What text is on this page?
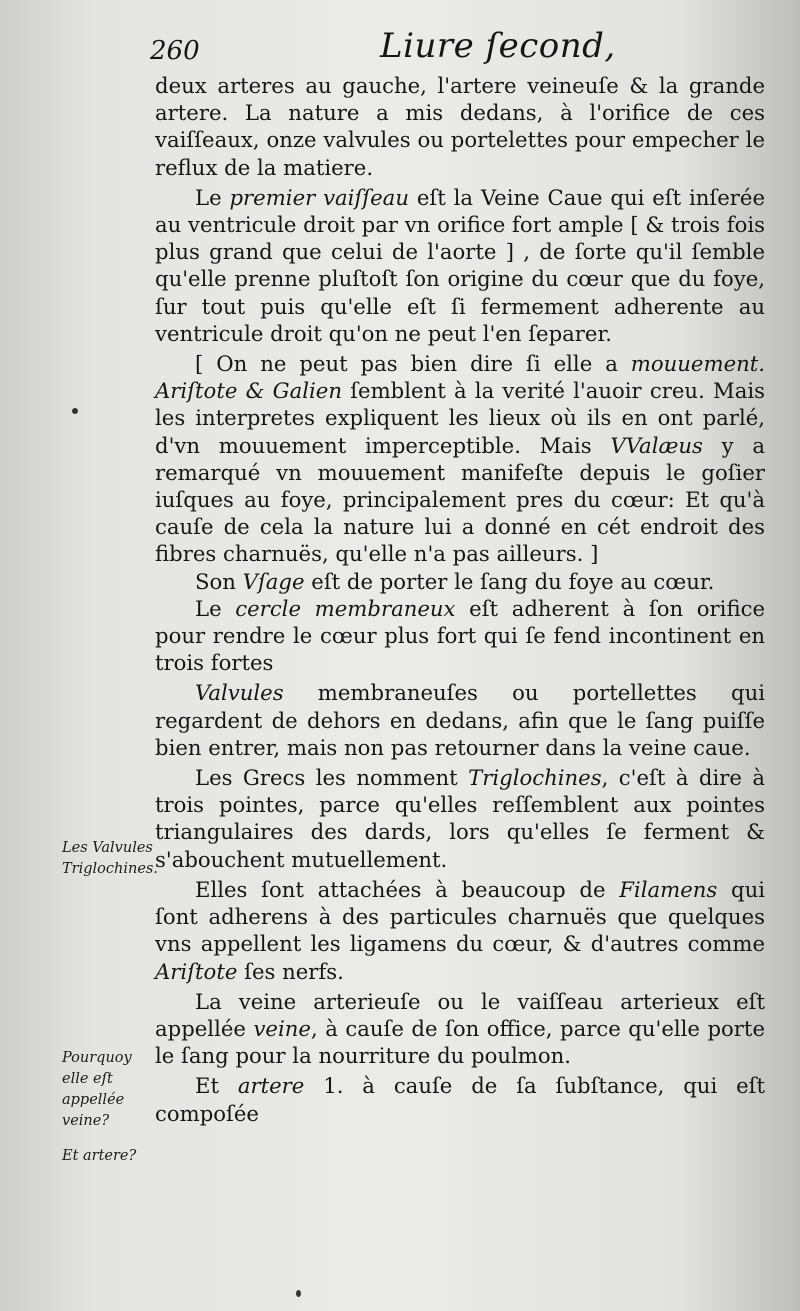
260	Liure ſecond,
Les Valvules Triglochines.
Pourquoy elle eſt appellée veine?
Et artere?

deux arteres au gauche, l'artere veineuſe & la grande artere. La nature a mis dedans, à l'orifice de ces vaiſſeaux, onze valvules ou portelettes pour empecher le reflux de la matiere.

Le premier vaiſſeau eſt la Veine Caue qui eſt inſerée au ventricule droit par vn orifice fort ample [ & trois fois plus grand que celui de l'aorte ] , de ſorte qu'il ſemble qu'elle prenne pluſtoſt ſon origine du cœur que du foye, ſur tout puis qu'elle eſt ſi fermement adherente au ventricule droit qu'on ne peut l'en ſeparer.

[ On ne peut pas bien dire ſi elle a mouuement. Ariſtote & Galien ſemblent à la verité l'auoir creu. Mais les interpretes expliquent les lieux où ils en ont parlé, d'vn mouuement imperceptible. Mais VValæus y a remarqué vn mouuement manifeſte depuis le goſier iuſques au foye, principalement pres du cœur: Et qu'à cauſe de cela la nature lui a donné en cét endroit des fibres charnuës, qu'elle n'a pas ailleurs. ]

Son Vſage eſt de porter le ſang du foye au cœur.

Le cercle membraneux eſt adherent à ſon orifice pour rendre le cœur plus fort qui ſe fend incontinent en trois fortes

Valvules membraneuſes ou portellettes qui regardent de dehors en dedans, afin que le ſang puiſſe bien entrer, mais non pas retourner dans la veine caue.

Les Grecs les nomment Triglochines, c'eſt à dire à trois pointes, parce qu'elles reſſemblent aux pointes triangulaires des dards, lors qu'elles ſe ferment & s'abouchent mutuellement.

Elles ſont attachées à beaucoup de Filamens qui ſont adherens à des particules charnuës que quelques vns appellent les ligamens du cœur, & d'autres comme Ariſtote ſes nerfs.

La veine arterieuſe ou le vaiſſeau arterieux eſt appellée veine, à cauſe de ſon office, parce qu'elle porte le ſang pour la nourriture du poulmon.

Et artere 1. à cauſe de ſa ſubſtance, qui eſt compoſée
